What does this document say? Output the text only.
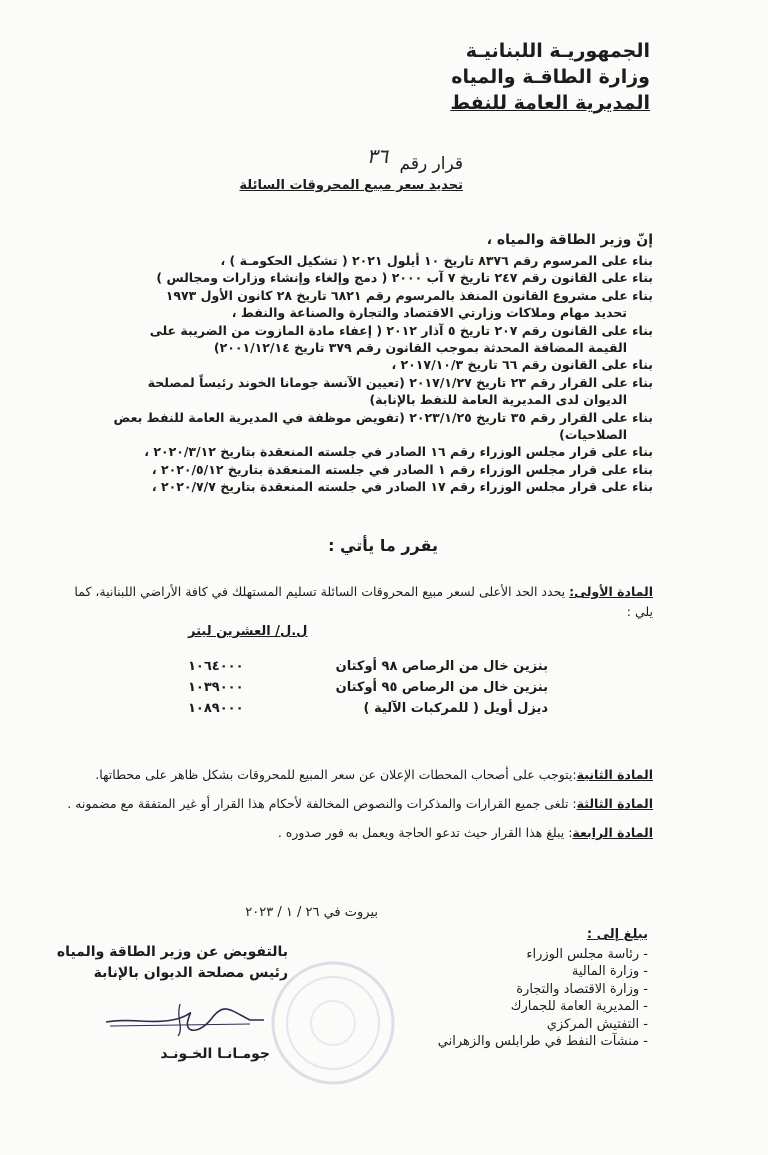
الجمهوريـة اللبنانيـة
وزارة الطاقـة والمياه
المديرية العامة للنفط
قرار رقم ٣٦
تحديد سعر مبيع المحروقات السائلة
إنّ وزير الطاقة والمياه ،
بناء على المرسوم رقم ٨٣٧٦ تاريخ ١٠ أيلول ٢٠٢١ ( تشكيل الحكومـة ) ،
بناء على القانون رقم ٢٤٧ تاريخ ٧ آب ٢٠٠٠ ( دمج وإلغاء وإنشاء وزارات ومجالس )
بناء على مشروع القانون المنفذ بالمرسوم رقم ٦٨٢١ تاريخ ٢٨ كانون الأول ١٩٧٣
تحديد مهام وملاكات وزارتي الاقتصاد والتجارة والصناعة والنفط ،
بناء على القانون رقم ٢٠٧ تاريخ ٥ آذار ٢٠١٢ ( إعفاء مادة المازوت من الضريبة على
القيمة المضافة المحدثة بموجب القانون رقم ٣٧٩ تاريخ ٢٠٠١/١٢/١٤)
بناء على القانون رقم ٦٦ تاريخ ٢٠١٧/١٠/٣ ،
بناء على القرار رقم ٢٣ تاريخ ٢٠١٧/١/٢٧ (تعيين الآنسة جومانا الخوند رئيساً لمصلحة
الديوان لدى المديرية العامة للنفط بالإنابة)
بناء على القرار رقم ٣٥ تاريخ ٢٠٢٣/١/٢٥ (تفويض موظفة في المديرية العامة للنفط بعض
الصلاحيات)
بناء على قرار مجلس الوزراء رقم ١٦ الصادر في جلسته المنعقدة بتاريخ ٢٠٢٠/٣/١٢ ،
بناء على قرار مجلس الوزراء رقم ١ الصادر في جلسته المنعقدة بتاريخ ٢٠٢٠/٥/١٢ ،
بناء على قرار مجلس الوزراء رقم ١٧ الصادر في جلسته المنعقدة بتاريخ ٢٠٢٠/٧/٧ ،
يقرر ما يأتي :
المادة الأولى: يحدد الحد الأعلى لسعر مبيع المحروقات السائلة تسليم المستهلك في كافة الأراضي اللبنانية، كما يلي :
ل.ل/ العشرين ليتر
بنزين خال من الرصاص ٩٨ أوكتان
١٠٦٤٠٠٠
بنزين خال من الرصاص ٩٥ أوكتان
١٠٣٩٠٠٠
ديزل أويل ( للمركبات الآلية )
١٠٨٩٠٠٠
المادة الثانية:يتوجب على أصحاب المحطات الإعلان عن سعر المبيع للمحروقات بشكل ظاهر على محطاتها.
المادة الثالثة: تلغى جميع القرارات والمذكرات والنصوص المخالفة لأحكام هذا القرار أو غير المتفقة مع مضمونه .
المادة الرابعة: يبلغ هذا القرار حيث تدعو الحاجة ويعمل به فور صدوره .
بيروت في ٢٦ / ١ / ٢٠٢٣
بالتفويض عن وزير الطاقة والمياه
رئيس مصلحة الديوان بالإنابة
جومـانـا الخـونـد
يبلغ إلى :
- رئاسة مجلس الوزراء
- وزارة المالية
- وزارة الاقتصاد والتجارة
- المديرية العامة للجمارك
- التفتيش المركزي
- منشآت النفط في طرابلس والزهراني
